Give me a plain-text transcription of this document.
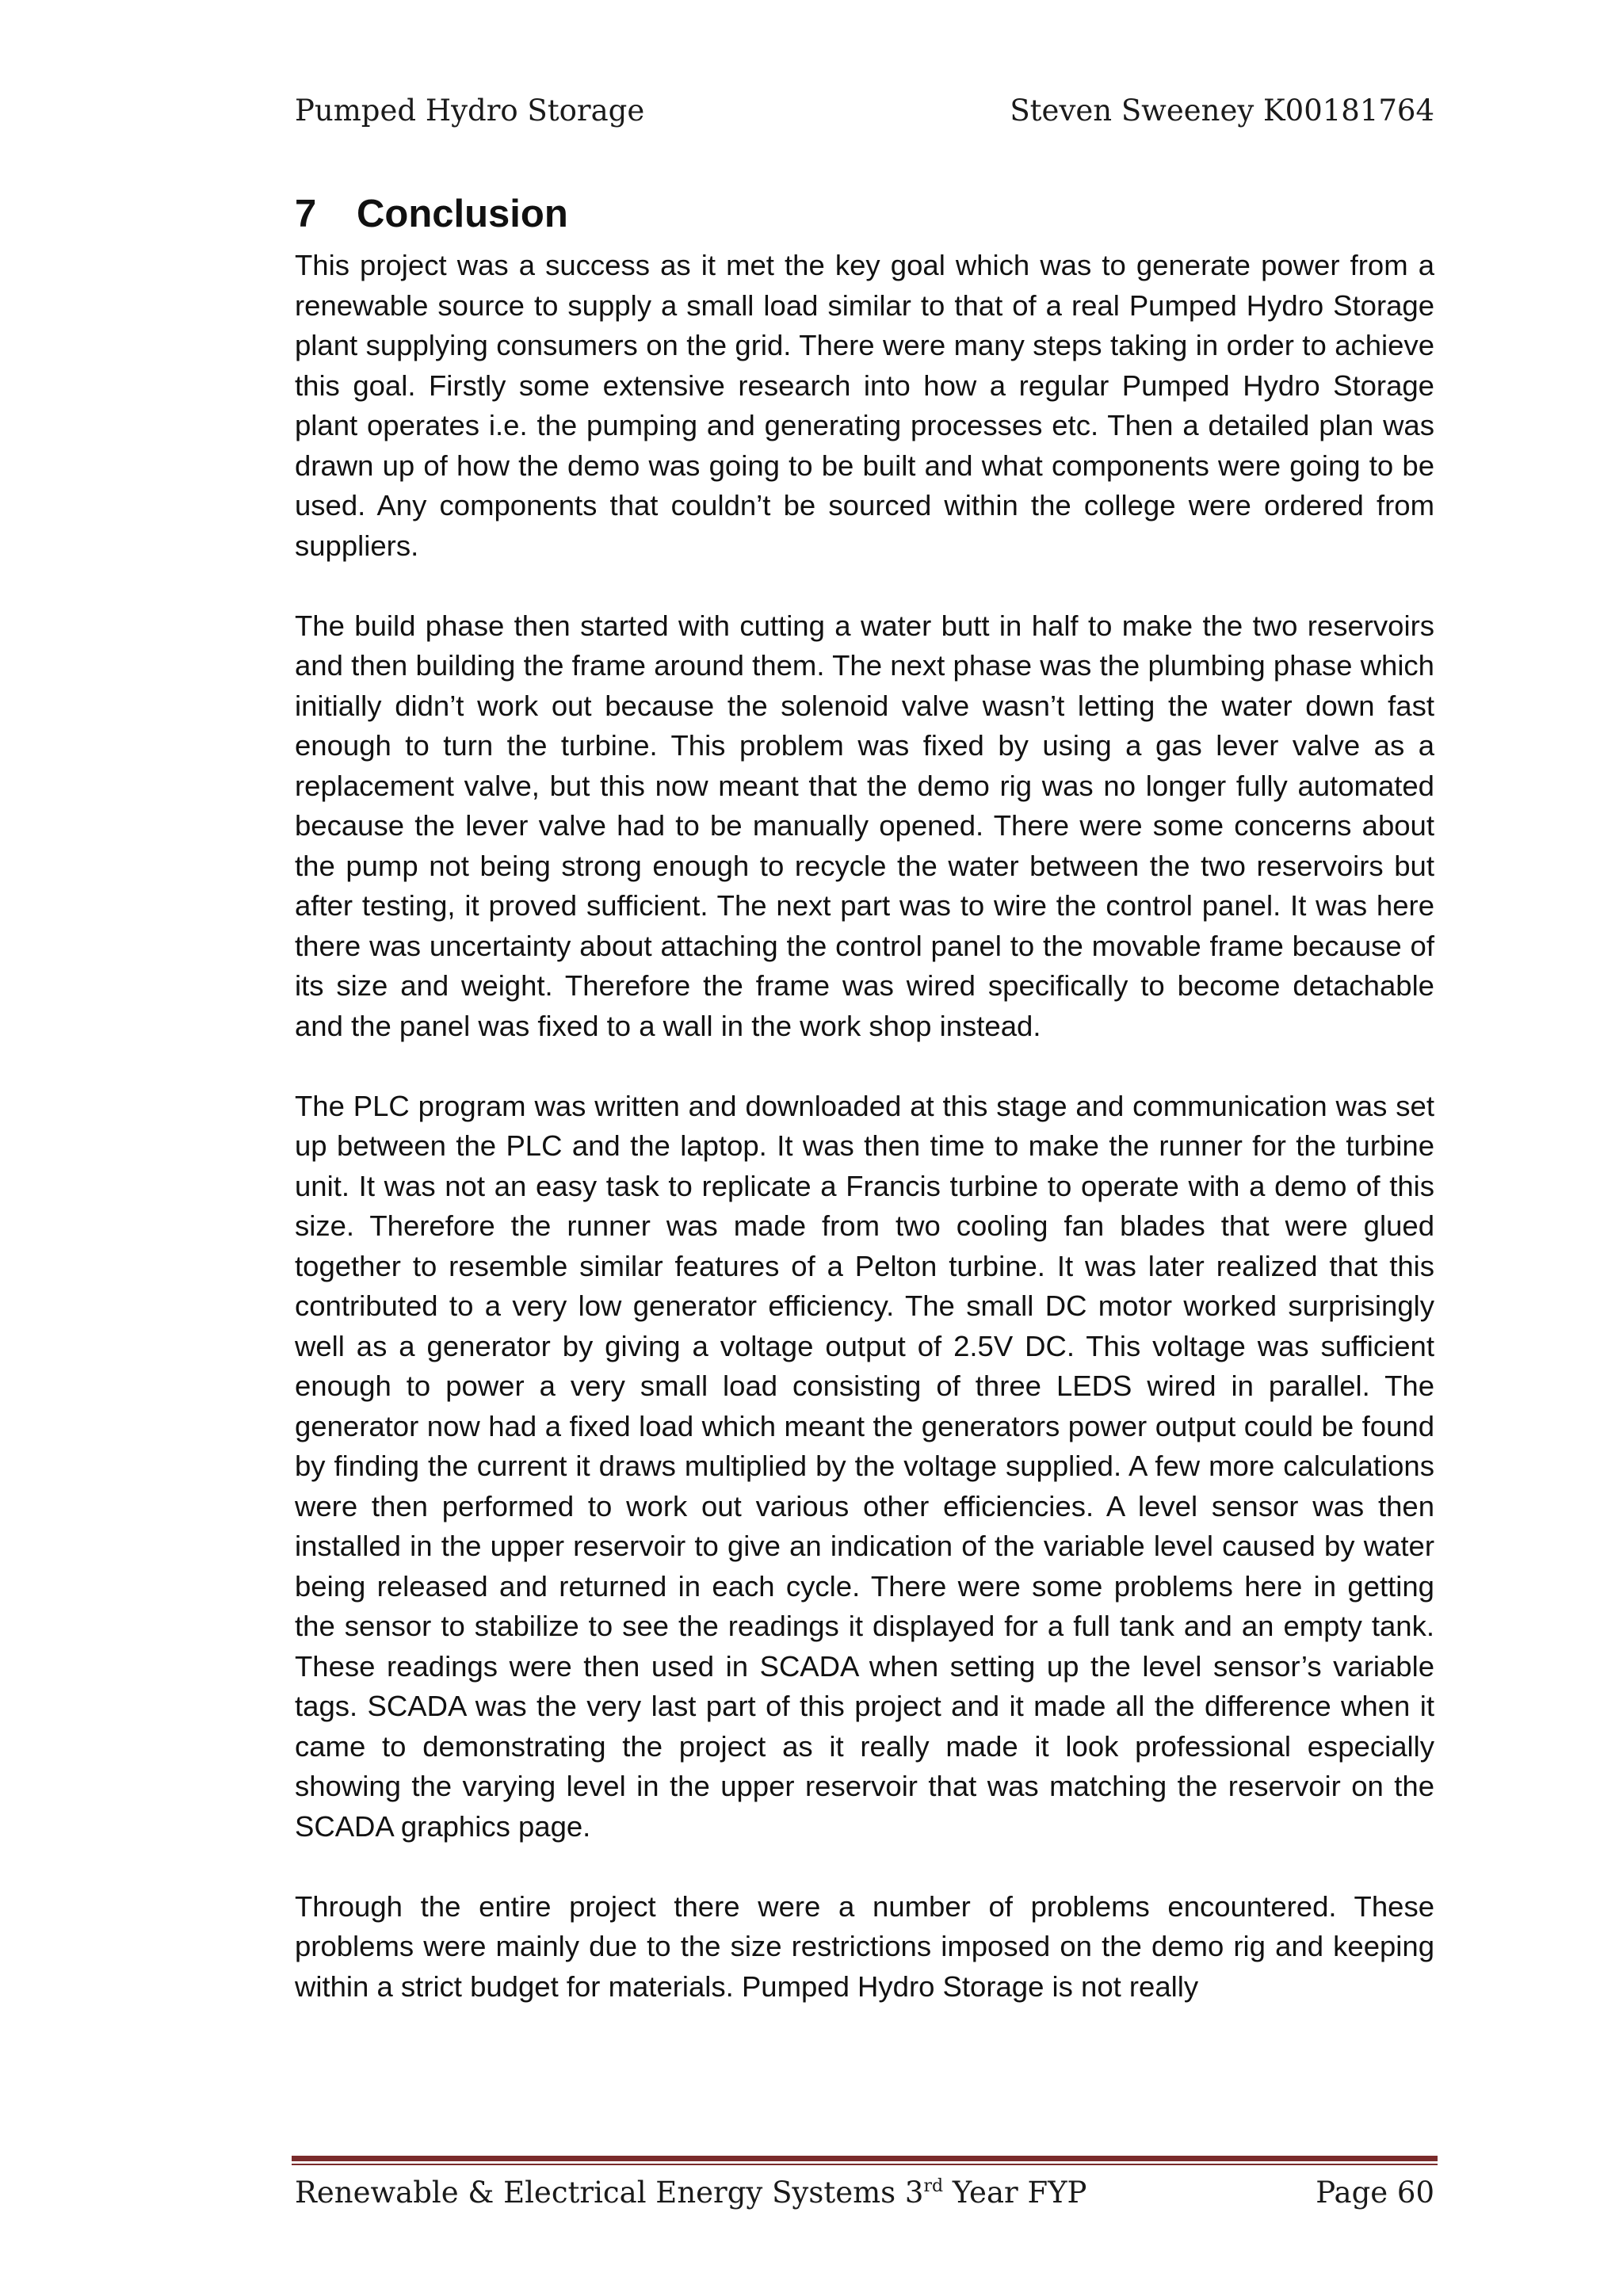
Pumped Hydro Storage	Steven Sweeney K00181764
7 Conclusion

This project was a success as it met the key goal which was to generate power from a renewable source to supply a small load similar to that of a real Pumped Hydro Storage plant supplying consumers on the grid. There were many steps taking in order to achieve this goal. Firstly some extensive research into how a regular Pumped Hydro Storage plant operates i.e. the pumping and generating processes etc. Then a detailed plan was drawn up of how the demo was going to be built and what components were going to be used. Any components that couldn’t be sourced within the college were ordered from suppliers.

The build phase then started with cutting a water butt in half to make the two reservoirs and then building the frame around them. The next phase was the plumbing phase which initially didn’t work out because the solenoid valve wasn’t letting the water down fast enough to turn the turbine. This problem was fixed by using a gas lever valve as a replacement valve, but this now meant that the demo rig was no longer fully automated because the lever valve had to be manually opened. There were some concerns about the pump not being strong enough to recycle the water between the two reservoirs but after testing, it proved sufficient. The next part was to wire the control panel. It was here there was uncertainty about attaching the control panel to the movable frame because of its size and weight. Therefore the frame was wired specifically to become detachable and the panel was fixed to a wall in the work shop instead.

The PLC program was written and downloaded at this stage and communication was set up between the PLC and the laptop. It was then time to make the runner for the turbine unit. It was not an easy task to replicate a Francis turbine to operate with a demo of this size. Therefore the runner was made from two cooling fan blades that were glued together to resemble similar features of a Pelton turbine. It was later realized that this contributed to a very low generator efficiency. The small DC motor worked surprisingly well as a generator by giving a voltage output of 2.5V DC. This voltage was sufficient enough to power a very small load consisting of three LEDS wired in parallel. The generator now had a fixed load which meant the generators power output could be found by finding the current it draws multiplied by the voltage supplied. A few more calculations were then performed to work out various other efficiencies. A level sensor was then installed in the upper reservoir to give an indication of the variable level caused by water being released and returned in each cycle. There were some problems here in getting the sensor to stabilize to see the readings it displayed for a full tank and an empty tank. These readings were then used in SCADA when setting up the level sensor’s variable tags. SCADA was the very last part of this project and it made all the difference when it came to demonstrating the project as it really made it look professional especially showing the varying level in the upper reservoir that was matching the reservoir on the SCADA graphics page.

Through the entire project there were a number of problems encountered. These problems were mainly due to the size restrictions imposed on the demo rig and keeping within a strict budget for materials. Pumped Hydro Storage is not really

Renewable & Electrical Energy Systems 3rd Year FYP	Page 60
